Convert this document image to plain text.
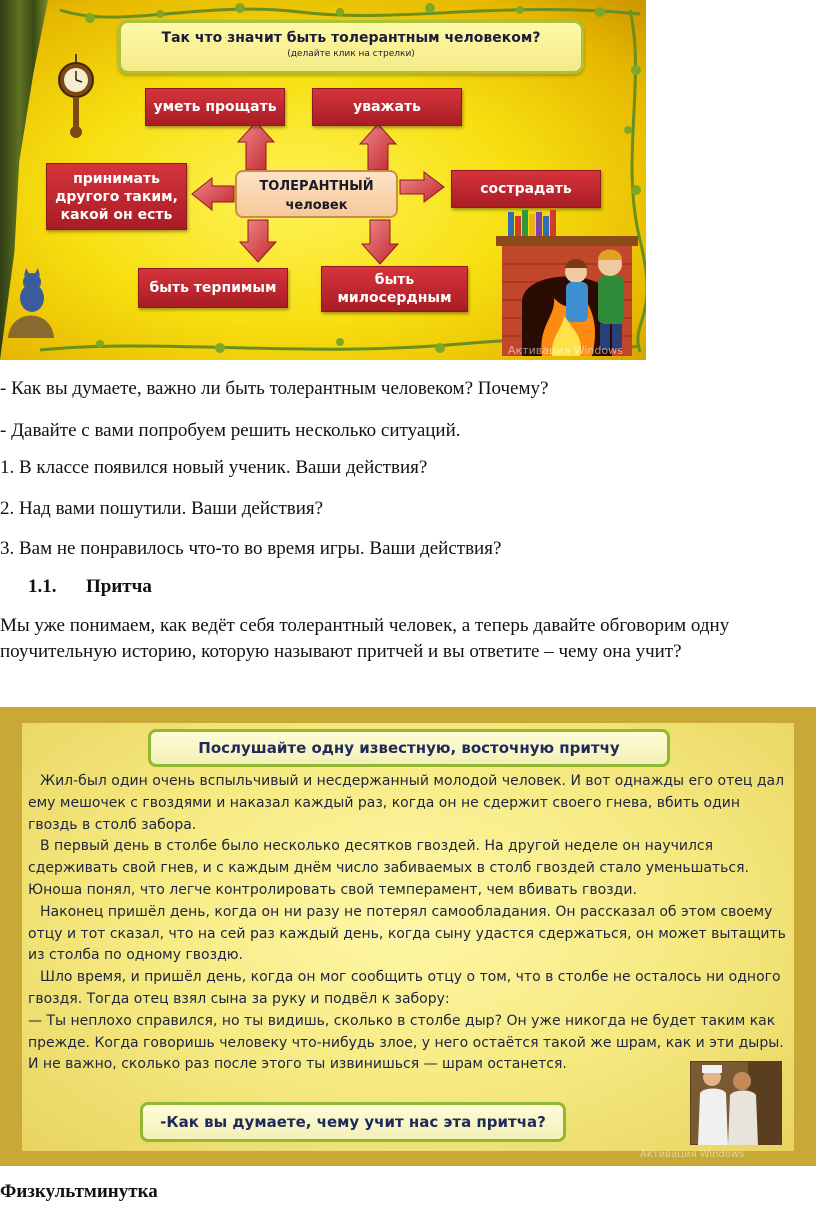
Так что значит быть толерантным человеком?
(делайте клик на стрелки)
уметь прощать	уважать
принимать другого таким, какой он есть
сострадать
быть терпимым	быть милосердным
ТОЛЕРАНТНЫЙ
человек
Активация Windows
- Как вы думаете, важно ли быть толерантным человеком? Почему?
- Давайте с вами попробуем решить несколько ситуаций.
1. В классе появился новый ученик. Ваши действия?
2. Над вами пошутили. Ваши действия?
3. Вам не понравилось что-то во время игры. Ваши действия?
1.1. Притча
Мы уже понимаем, как ведёт себя толерантный человек, а теперь давайте обговорим одну поучительную историю, которую называют притчей и вы ответите – чему она учит?
Послушайте одну известную, восточную притчу

Жил-был один очень вспыльчивый и несдержанный молодой человек. И вот однажды его отец дал ему мешочек с гвоздями и наказал каждый раз, когда он не сдержит своего гнева, вбить один гвоздь в столб забора.

В первый день в столбе было несколько десятков гвоздей. На другой неделе он научился сдерживать свой гнев, и с каждым днём число забиваемых в столб гвоздей стало уменьшаться. Юноша понял, что легче контролировать свой темперамент, чем вбивать гвозди.

Наконец пришёл день, когда он ни разу не потерял самообладания. Он рассказал об этом своему отцу и тот сказал, что на сей раз каждый день, когда сыну удастся сдержаться, он может вытащить из столба по одному гвоздю.

Шло время, и пришёл день, когда он мог сообщить отцу о том, что в столбе не осталось ни одного гвоздя. Тогда отец взял сына за руку и подвёл к забору:

— Ты неплохо справился, но ты видишь, сколько в столбе дыр? Он уже никогда не будет таким как прежде. Когда говоришь человеку что-нибудь злое, у него остаётся такой же шрам, как и эти дыры. И не важно, сколько раз после этого ты извинишься — шрам останется.

-Как вы думаете, чему учит нас эта притча?
Активация Windows
Физкультминутка
